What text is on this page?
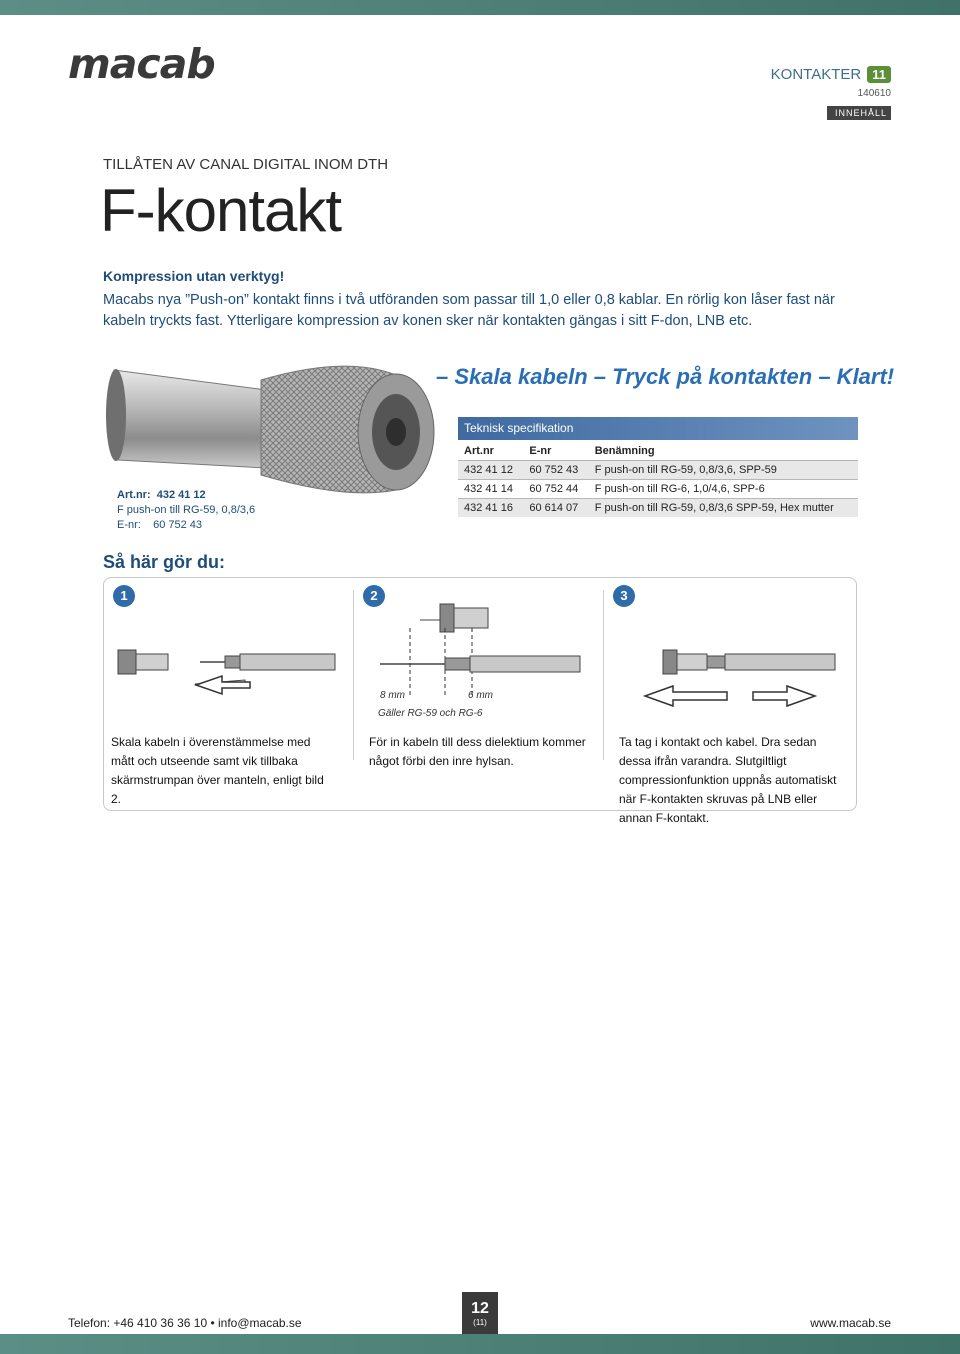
macab	KONTAKTER 11
140610
INNEHÅLL
TILLÅTEN AV CANAL DIGITAL INOM DTH
F-kontakt
Kompression utan verktyg!
Macabs nya ”Push-on” kontakt finns i två utföranden som passar till 1,0 eller 0,8 kablar. En rörlig kon låser fast när kabeln tryckts fast. Ytterligare kompression av konen sker när kontakten gängas i sitt F-don, LNB etc.
– Skala kabeln – Tryck på kontakten – Klart!
Art.nr: 432 41 12
F push-on till RG-59, 0,8/3,6
E-nr: 60 752 43
Teknisk specifikation
Art.nr	E-nr	Benämning
432 41 12	60 752 43	F push-on till RG-59, 0,8/3,6, SPP-59
432 41 14	60 752 44	F push-on till RG-6, 1,0/4,6, SPP-6
432 41 16	60 614 07	F push-on till RG-59, 0,8/3,6 SPP-59, Hex mutter
Så här gör du:
1	2	3
8 mm	6 mm
Gäller RG-59 och RG-6
Skala kabeln i överenstämmelse med mått och utseende samt vik tillbaka skärmstrumpan över manteln, enligt bild 2.
För in kabeln till dess dielektium kommer något förbi den inre hylsan.
Ta tag i kontakt och kabel. Dra sedan dessa ifrån varandra. Slutgiltligt compressionfunktion uppnås automatiskt när F-kontakten skruvas på LNB eller annan F-kontakt.
Telefon: +46 410 36 36 10 • info@macab.se
12
(11)	www.macab.se
